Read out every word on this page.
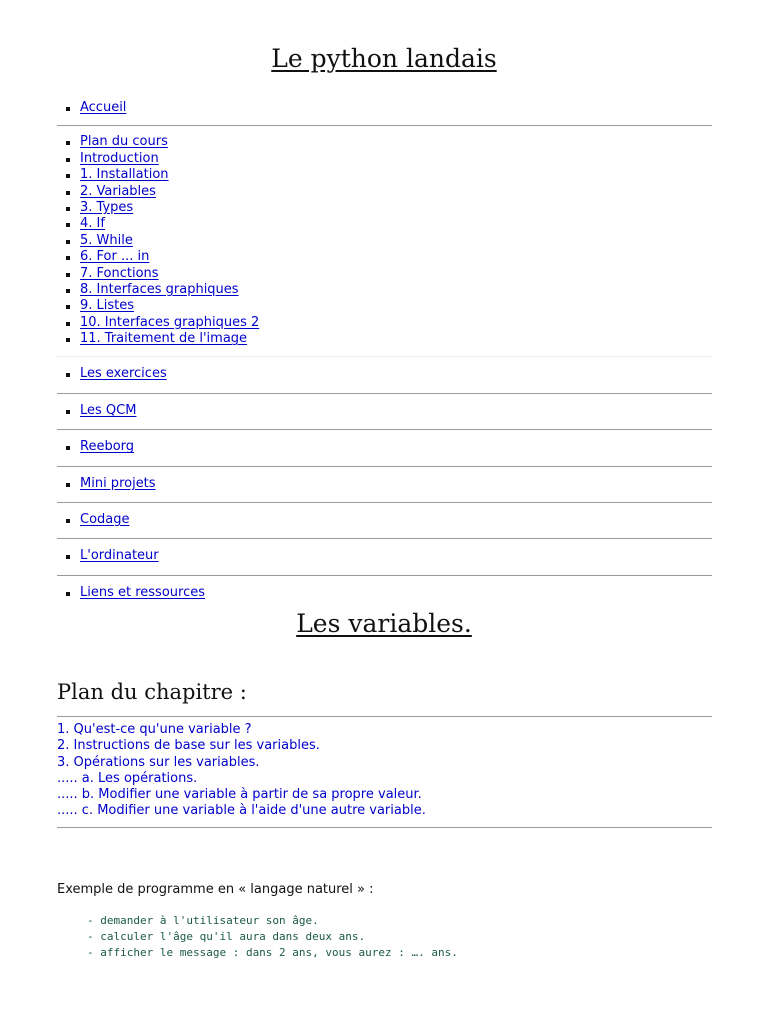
Le python landais
Accueil
Plan du cours
Introduction
1. Installation
2. Variables
3. Types
4. If
5. While
6. For ... in
7. Fonctions
8. Interfaces graphiques
9. Listes
10. Interfaces graphiques 2
11. Traitement de l'image
Les exercices
Les QCM
Reeborg
Mini projets
Codage
L'ordinateur
Liens et ressources
Les variables.
Plan du chapitre :
1. Qu'est-ce qu'une variable ?
2. Instructions de base sur les variables.
3. Opérations sur les variables.
..... a. Les opérations.
..... b. Modifier une variable à partir de sa propre valeur.
..... c. Modifier une variable à l'aide d'une autre variable.

Exemple de programme en « langage naturel » :

- demander à l'utilisateur son âge.
- calculer l'âge qu'il aura dans deux ans.
- afficher le message : dans 2 ans, vous aurez : …. ans.
